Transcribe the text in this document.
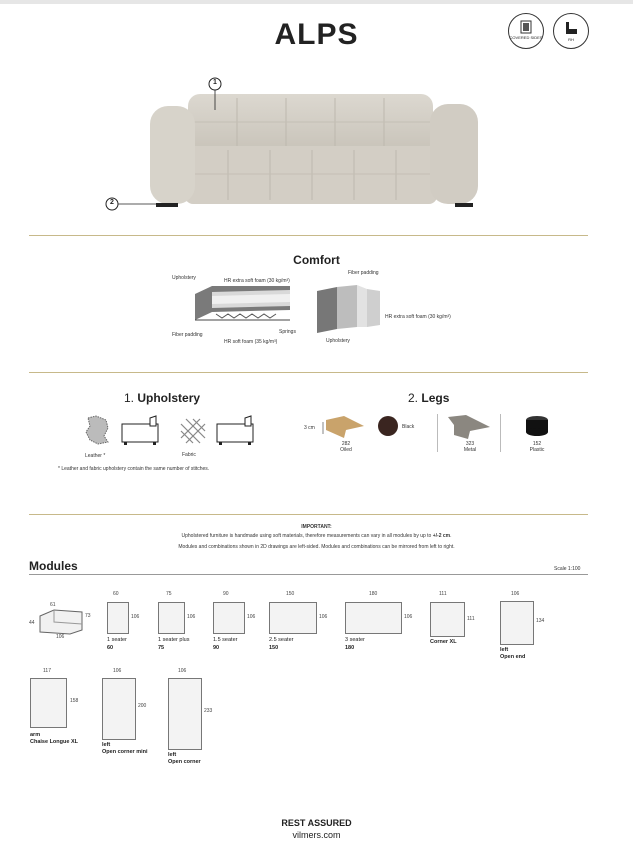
ALPS	COVERED SIDES	RH
1
2
Comfort
Upholstery	HR extra soft foam (30 kg/m³)
Fiber padding
HR soft foam (35 kg/m³)
Springs
Fiber padding
HR extra soft foam (30 kg/m³)
Upholstery
1. Upholstery
Leather *	Fabric
* Leather and fabric upholstery contain the same number of stitches.
2. Legs
3 cm
282
Oiled
Black
323
Metal
152
Plastic
IMPORTANT:
Upholstered furniture is handmade using soft materials, therefore measurements can vary in all modules by up to +/-2 cm.
Modules and combinations shown in 2D drawings are left-sided. Modules and combinations can be mirrored from left to right.
Modules	Scale 1:100
61
44
73
106
60
106
1 seater
60
75
106
1 seater plus
75
90
106
1.5 seater
90
150
106
2.5 seater
150
180
106
3 seater
180
111
111
Corner XL
106
134
left
Open end
117
158
arm
Chaise Longue XL
106
200
left
Open corner mini
106
233
left
Open corner
REST ASSURED
vilmers.com
